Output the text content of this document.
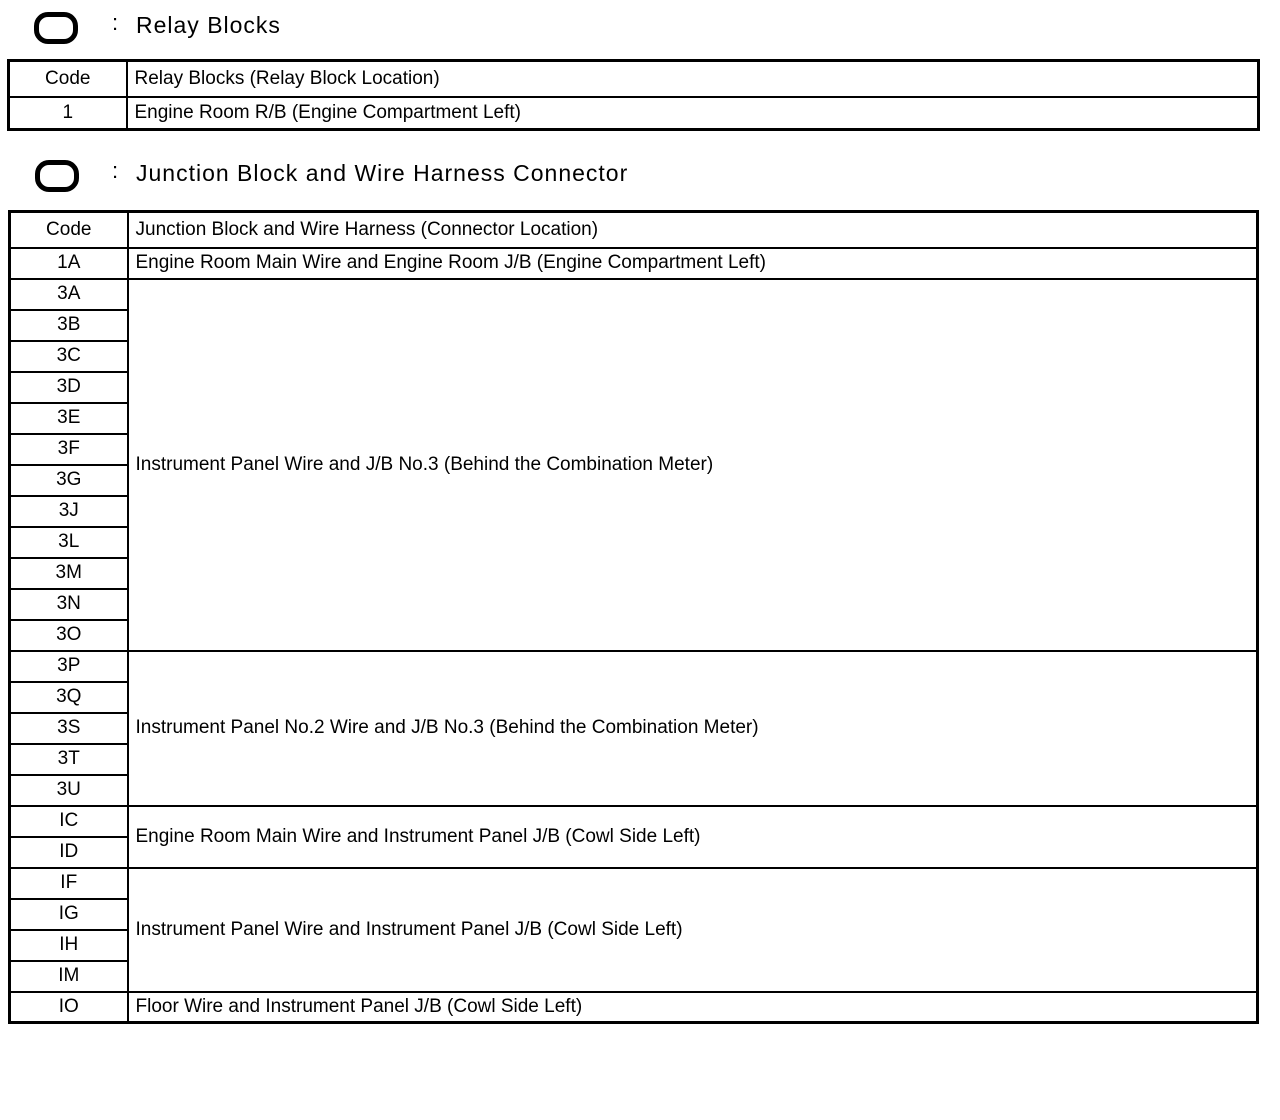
: Relay Blocks
Code	Relay Blocks (Relay Block Location)
1	Engine Room R/B (Engine Compartment Left)
: Junction Block and Wire Harness Connector
Code	Junction Block and Wire Harness (Connector Location)
1A	Engine Room Main Wire and Engine Room J/B (Engine Compartment Left)
3A	Instrument Panel Wire and J/B No.3 (Behind the Combination Meter)
3B	
3C	
3D	
3E	
3F	
3G	
3J	
3L	
3M	
3N	
3O	
3P	Instrument Panel No.2 Wire and J/B No.3 (Behind the Combination Meter)
3Q	
3S	
3T	
3U	
IC	Engine Room Main Wire and Instrument Panel J/B (Cowl Side Left)
ID	
IF	Instrument Panel Wire and Instrument Panel J/B (Cowl Side Left)
IG	
IH	
IM	
IO	Floor Wire and Instrument Panel J/B (Cowl Side Left)
